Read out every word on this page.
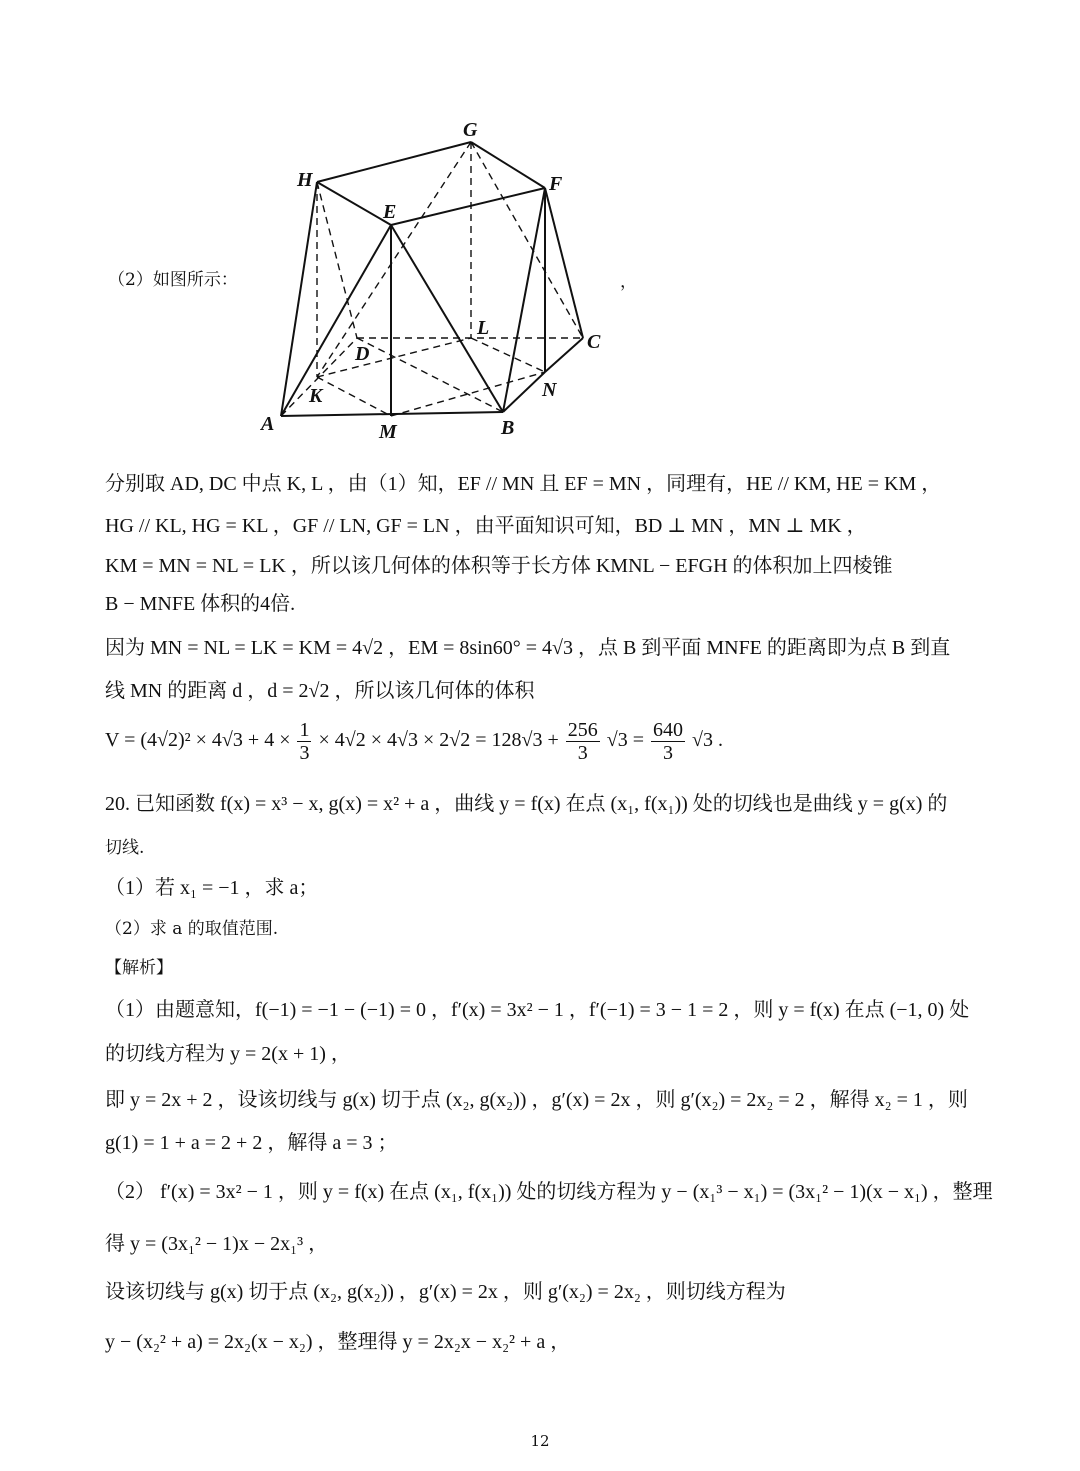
（2）如图所示：	，
G
H
E
F
L
D
C
K	N
A	M	B
分别取 AD, DC 中点 K, L ，由（1）知，EF // MN 且 EF = MN ，同理有，HE // KM, HE = KM ，
HG // KL, HG = KL ，GF // LN, GF = LN ，由平面知识可知，BD ⊥ MN ，MN ⊥ MK ，
KM = MN = NL = LK ，所以该几何体的体积等于长方体 KMNL − EFGH 的体积加上四棱锥
B − MNFE 体积的4倍.
因为 MN = NL = LK = KM = 4√2 ，EM = 8sin60° = 4√3 ，点 B 到平面 MNFE 的距离即为点 B 到直
线 MN 的距离 d ，d = 2√2 ，所以该几何体的体积
$V = (4√2)^2 \times 4√3 + 4 \times \frac{1}{3} \times 4√2 \times 4√3 \times 2√2 = 128√3 + \frac{256}{3} √3 = \frac{640}{3} √3$ .
20. 已知函数 f(x) = x³ − x, g(x) = x² + a ，曲线 y = f(x) 在点 (x₁, f(x₁)) 处的切线也是曲线 y = g(x) 的
切线.
（1）若 x₁ = −1 ，求 a；
（2）求 a 的取值范围.
【解析】
（1）由题意知，f(−1) = −1 − (−1) = 0 ，f′(x) = 3x² − 1 ，f′(−1) = 3 − 1 = 2 ，则 y = f(x) 在点 (−1, 0) 处
的切线方程为 y = 2(x + 1) ，
即 y = 2x + 2 ，设该切线与 g(x) 切于点 (x₂, g(x₂)) ，g′(x) = 2x ，则 g′(x₂) = 2x₂ = 2 ，解得 x₂ = 1 ，则
g(1) = 1 + a = 2 + 2 ，解得 a = 3 ；
（2） f′(x) = 3x² − 1 ，则 y = f(x) 在点 (x₁, f(x₁)) 处的切线方程为 y − (x₁³ − x₁) = (3x₁² − 1)(x − x₁) ，整理
得 y = (3x₁² − 1)x − 2x₁³ ，
设该切线与 g(x) 切于点 (x₂, g(x₂)) ，g′(x) = 2x ，则 g′(x₂) = 2x₂ ，则切线方程为
y − (x₂² + a) = 2x₂(x − x₂) ，整理得 y = 2x₂x − x₂² + a ，
12
